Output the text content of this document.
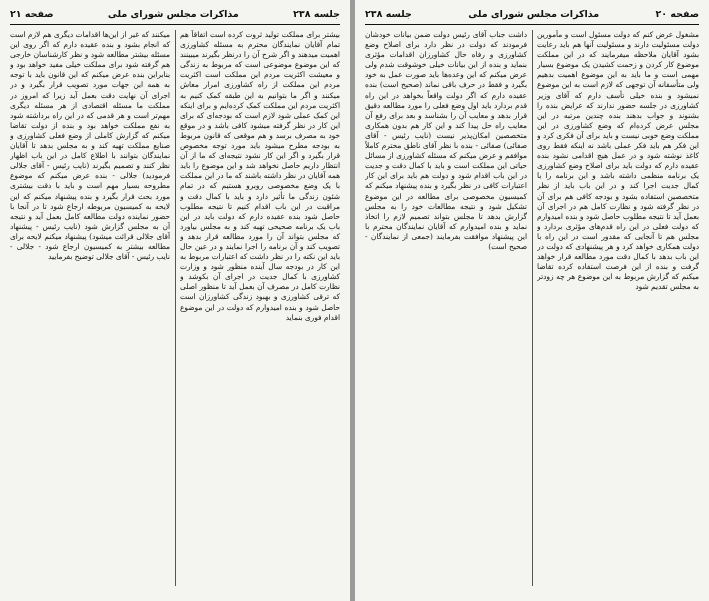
جلسه ۲۳۸
مذاکرات مجلس شورای ملی
صفحه ۲۱

بیشتر برای مملکت تولید ثروت کرده است اتفاقاً هم تمام آقایان نمایندگان محترم به مسئله کشاورزی اهمیت میدهند و اگر شرح آن را درنظر بگیرند میبینند که این موضوع موضوعی است که مربوط به زندگی و معیشت اکثریت مردم این مملکت است اکثریت مردم این مملکت از راه کشاورزی امرار معاش میکنند و اگر ما بتوانیم به این طبقه کمک کنیم به اکثریت مردم این مملکت کمک کرده‌ایم و برای اینکه این کمک عملی شود لازم است که بودجه‌ای که برای این کار در نظر گرفته میشود کافی باشد و در موقع خود به مصرف برسد و هم موقعی که قانون مربوط به بودجه مطرح میشود باید مورد توجه مخصوص قرار بگیرد و اگر این کار نشود نتیجه‌ای که ما از آن انتظار داریم حاصل نخواهد شد و این موضوع را باید همه آقایان در نظر داشته باشند که ما در این مملکت با یک وضع مخصوصی روبرو هستیم که در تمام شئون زندگی ما تأثیر دارد و باید با کمال دقت و مراقبت در این باب اقدام کنیم تا نتیجه مطلوب حاصل شود بنده عقیده دارم که دولت باید در این باب یک برنامه صحیحی تهیه کند و به مجلس بیاورد که مجلس بتواند آن را مورد مطالعه قرار بدهد و تصویب کند و آن برنامه را اجرا نمایند و در عین حال باید این نکته را در نظر داشت که اعتبارات مربوط به این کار در بودجه سال آینده منظور شود و وزارت کشاورزی با کمال جدیت در اجرای آن بکوشد و نظارت کامل در مصرف آن بعمل آید تا منظور اصلی که ترقی کشاورزی و بهبود زندگی کشاورزان است حاصل شود و بنده امیدوارم که دولت در این موضوع اقدام فوری بنماید

میکنند که غیر از این‌ها اقدامات دیگری هم لازم است که انجام بشود و بنده عقیده دارم که اگر روی این مسئله بیشتر مطالعه شود و نظر کارشناسان خارجی هم گرفته شود برای مملکت خیلی مفید خواهد بود و بنابراین بنده عرض میکنم که این قانون باید با توجه به همه این جهات مورد تصویب قرار بگیرد و در اجرای آن نهایت دقت بعمل آید زیرا که امروز در مملکت ما مسئله اقتصادی از هر مسئله دیگری مهم‌تر است و هر قدمی که در این راه برداشته شود به نفع مملکت خواهد بود و بنده از دولت تقاضا میکنم که گزارش کاملی از وضع فعلی کشاورزی و صنایع مملکت تهیه کند و به مجلس بدهد تا آقایان نمایندگان بتوانند با اطلاع کامل در این باب اظهار نظر کنند و تصمیم بگیرند (نایب رئیس - آقای جلالی فرمودید) جلالی - بنده عرض میکنم که موضوع مطروحه بسیار مهم است و باید با دقت بیشتری مورد بحث قرار بگیرد و بنده پیشنهاد میکنم که این لایحه به کمیسیون مربوطه ارجاع شود تا در آنجا با حضور نماینده دولت مطالعه کامل بعمل آید و نتیجه آن به مجلس گزارش شود (نایب رئیس - پیشنهاد آقای جلالی قرائت میشود) پیشنهاد میکنم لایحه برای مطالعه بیشتر به کمیسیون ارجاع شود - جلالی - نایب رئیس - آقای جلالی توضیح بفرمایید

صفحه ۲۰
مذاکرات مجلس شورای ملی
جلسه ۲۳۸

مشغول عرض کنم که دولت مسئول است و مأمورین دولت مسئولیت دارند و مسئولیت آنها هم باید رعایت بشود آقایان ملاحظه میفرمایند که در این مملکت موضوع کار کردن و زحمت کشیدن یک موضوع بسیار مهمی است و ما باید به این موضوع اهمیت بدهیم ولی متأسفانه آن توجهی که لازم است به این موضوع نمیشود و بنده خیلی تأسف دارم که آقای وزیر کشاورزی در جلسه حضور ندارند که عرایض بنده را بشنوند و جواب بدهند بنده چندین مرتبه در این مجلس عرض کرده‌ام که وضع کشاورزی در این مملکت وضع خوبی نیست و باید برای آن فکری کرد و این فکر هم باید فکر عملی باشد نه اینکه فقط روی کاغذ نوشته شود و در عمل هیچ اقدامی نشود بنده عقیده دارم که دولت باید برای اصلاح وضع کشاورزی یک برنامه منظمی داشته باشد و این برنامه را با کمال جدیت اجرا کند و در این باب باید از نظر متخصصین استفاده بشود و بودجه کافی هم برای آن در نظر گرفته شود و نظارت کامل هم در اجرای آن بعمل آید تا نتیجه مطلوب حاصل شود و بنده امیدوارم که دولت فعلی در این راه قدم‌های مؤثری بردارد و مجلس هم تا آنجایی که مقدور است در این راه با دولت همکاری خواهد کرد و هر پیشنهادی که دولت در این باب بدهد با کمال دقت مورد مطالعه قرار خواهد گرفت و بنده از این فرصت استفاده کرده تقاضا میکنم که گزارش مربوط به این موضوع هر چه زودتر به مجلس تقدیم شود

داشت جناب آقای رئیس دولت ضمن بیانات خودشان فرمودند که دولت در نظر دارد برای اصلاح وضع کشاورزی و رفاه حال کشاورزان اقدامات مؤثری بنماید و بنده از این بیانات خیلی خوشوقت شدم ولی عرض میکنم که این وعده‌ها باید صورت عمل به خود بگیرد و فقط در حرف باقی نماند (صحیح است) بنده عقیده دارم که اگر دولت واقعاً بخواهد در این راه قدم بردارد باید اول وضع فعلی را مورد مطالعه دقیق قرار بدهد و معایب آن را بشناسد و بعد برای رفع آن معایب راه حل پیدا کند و این کار هم بدون همکاری متخصصین امکان‌پذیر نیست (نایب رئیس - آقای صفائی) صفائی - بنده با نظر آقای ناطق محترم کاملاً موافقم و عرض میکنم که مسئله کشاورزی از مسائل حیاتی این مملکت است و باید با کمال دقت و جدیت در این باب اقدام شود و دولت هم باید برای این کار اعتبارات کافی در نظر بگیرد و بنده پیشنهاد میکنم که کمیسیون مخصوصی برای مطالعه در این موضوع تشکیل شود و نتیجه مطالعات خود را به مجلس گزارش بدهد تا مجلس بتواند تصمیم لازم را اتخاذ نماید و بنده امیدوارم که آقایان نمایندگان محترم با این پیشنهاد موافقت بفرمایند (جمعی از نمایندگان - صحیح است)
